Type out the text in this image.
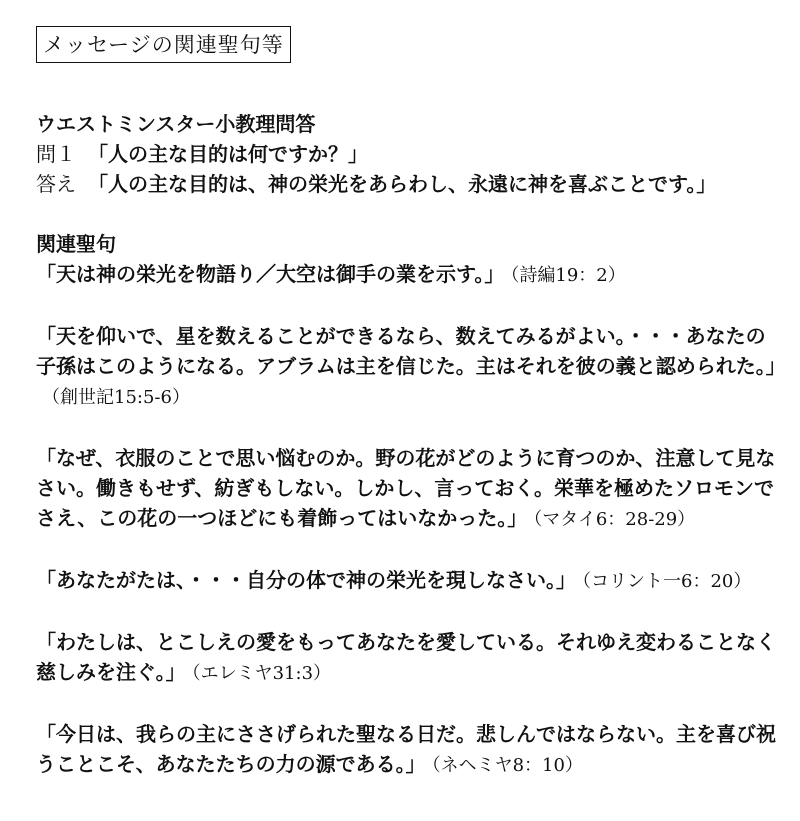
メッセージの関連聖句等
ウエストミンスター小教理問答
問１ 「人の主な目的は何ですか？」
答え 「人の主な目的は、神の栄光をあらわし、永遠に神を喜ぶことです。」
関連聖句
「天は神の栄光を物語り／大空は御手の業を示す。」 （詩編19：2）
「天を仰いで、星を数えることができるなら、数えてみるがよい。・・・あなたの子孫はこのようになる。アブラムは主を信じた。主はそれを彼の義と認められた。」（創世記15:5-6）
「なぜ、衣服のことで思い悩むのか。野の花がどのように育つのか、注意して見なさい。働きもせず、紡ぎもしない。しかし、言っておく。栄華を極めたソロモンでさえ、この花の一つほどにも着飾ってはいなかった。」 （マタイ6：28-29）
「あなたがたは、・・・自分の体で神の栄光を現しなさい。」 （コリント一6：20）
「わたしは、とこしえの愛をもってあなたを愛している。それゆえ変わることなく慈しみを注ぐ。」 （エレミヤ31:3）
「今日は、我らの主にささげられた聖なる日だ。悲しんではならない。主を喜び祝うことこそ、あなたたちの力の源である。」 （ネヘミヤ8：10）
